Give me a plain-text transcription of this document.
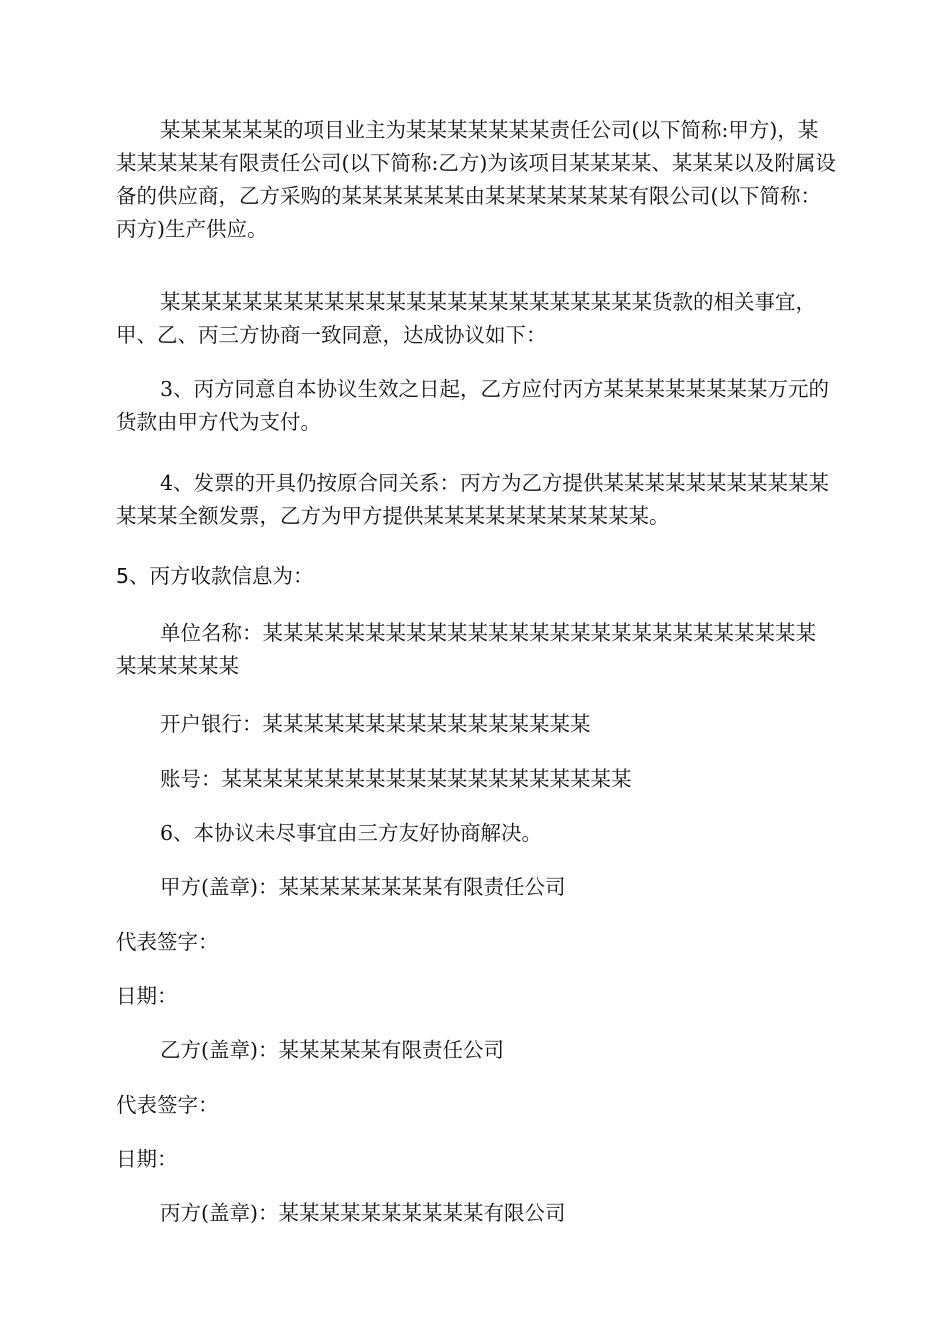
某某某某某某的项目业主为某某某某某某某责任公司(以下简称:甲方)，某某某某某某有限责任公司(以下简称:乙方)为该项目某某某某、某某某以及附属设备的供应商，乙方采购的某某某某某某由某某某某某某某有限公司(以下简称：丙方)生产供应。

某某某某某某某某某某某某某某某某某某某某某某某某货款的相关事宜，甲、乙、丙三方协商一致同意，达成协议如下：

3、丙方同意自本协议生效之日起，乙方应付丙方某某某某某某某某万元的货款由甲方代为支付。

4、发票的开具仍按原合同关系：丙方为乙方提供某某某某某某某某某某某某某某全额发票，乙方为甲方提供某某某某某某某某某某某。

5、丙方收款信息为：

单位名称：某某某某某某某某某某某某某某某某某某某某某某某某某某某某某某某某某

开户银行：某某某某某某某某某某某某某某某某

账号：某某某某某某某某某某某某某某某某某某某某

6、本协议未尽事宜由三方友好协商解决。

甲方(盖章)：某某某某某某某某有限责任公司

代表签字：

日期：

乙方(盖章)：某某某某某有限责任公司

代表签字：

日期：

丙方(盖章)：某某某某某某某某某某有限公司
